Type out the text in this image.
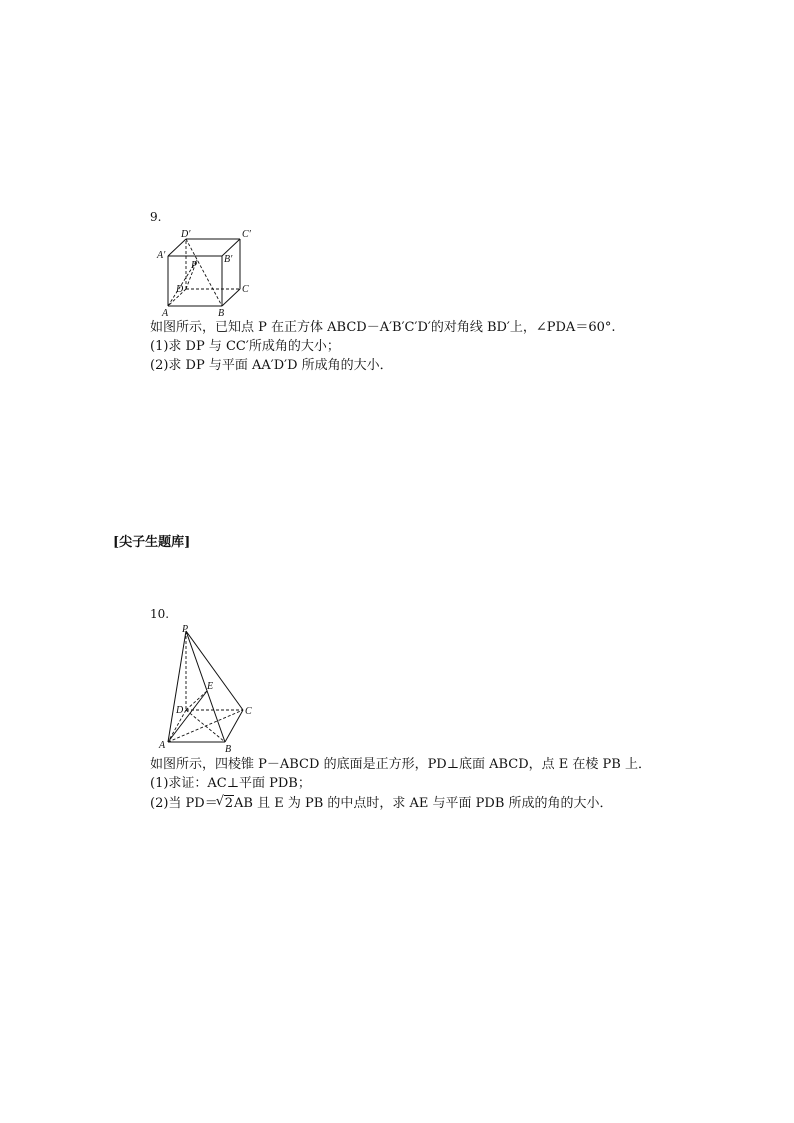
9.
D′	C′
A′	B′
P
D	C
A	B
如图所示，已知点 P 在正方体 ABCD－A′B′C′D′的对角线 BD′上，∠PDA＝60°.
(1)求 DP 与 CC′所成角的大小；
(2)求 DP 与平面 AA′D′D 所成角的大小．
[尖子生题库]
10.
P
E
D	C
A	B
如图所示，四棱锥 P－ABCD 的底面是正方形，PD⊥底面 ABCD，点 E 在棱 PB 上．
(1)求证：AC⊥平面 PDB；
(2)当 PD＝
√ 2AB 且 E 为 PB 的中点时，求 AE 与平面 PDB 所成的角的大小．
